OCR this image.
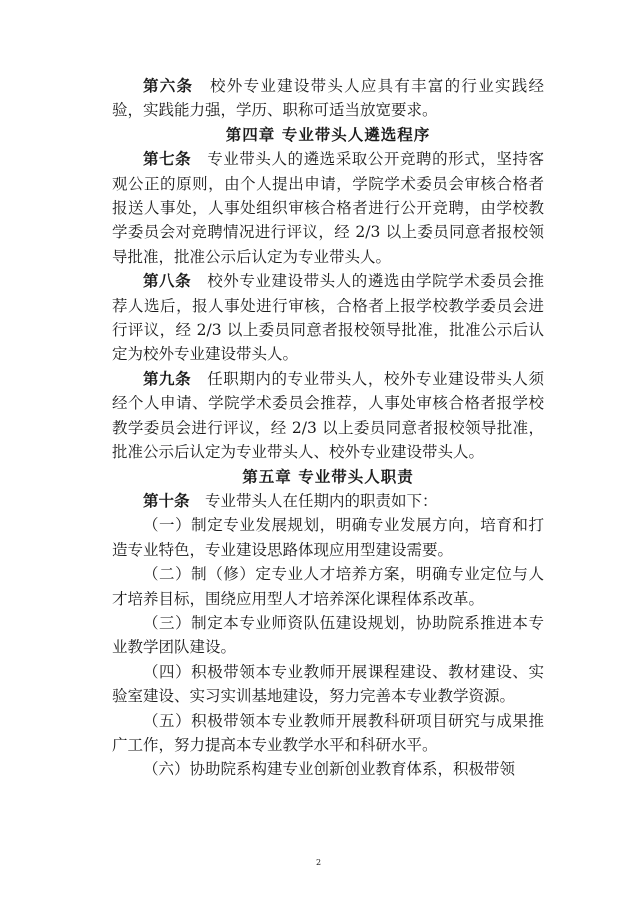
第六条　 校外专业建设带头人应具有丰富的行业实践经验，实践能力强，学历、职称可适当放宽要求。

第四章 专业带头人遴选程序

第七条　 专业带头人的遴选采取公开竞聘的形式，坚持客观公正的原则，由个人提出申请，学院学术委员会审核合格者报送人事处，人事处组织审核合格者进行公开竞聘，由学校教学委员会对竞聘情况进行评议，经 2/3 以上委员同意者报校领导批准，批准公示后认定为专业带头人。

第八条　 校外专业建设带头人的遴选由学院学术委员会推荐人选后，报人事处进行审核，合格者上报学校教学委员会进行评议，经 2/3 以上委员同意者报校领导批准，批准公示后认定为校外专业建设带头人。

第九条　 任职期内的专业带头人，校外专业建设带头人须经个人申请、学院学术委员会推荐，人事处审核合格者报学校教学委员会进行评议，经 2/3 以上委员同意者报校领导批准，批准公示后认定为专业带头人、校外专业建设带头人。

第五章 专业带头人职责

第十条　 专业带头人在任期内的职责如下：

（一）制定专业发展规划，明确专业发展方向，培育和打造专业特色，专业建设思路体现应用型建设需要。

（二）制（修）定专业人才培养方案，明确专业定位与人才培养目标，围绕应用型人才培养深化课程体系改革。

（三）制定本专业师资队伍建设规划，协助院系推进本专业教学团队建设。

（四）积极带领本专业教师开展课程建设、教材建设、实验室建设、实习实训基地建设，努力完善本专业教学资源。

（五）积极带领本专业教师开展教科研项目研究与成果推广工作，努力提高本专业教学水平和科研水平。

（六）协助院系构建专业创新创业教育体系，积极带领

2
